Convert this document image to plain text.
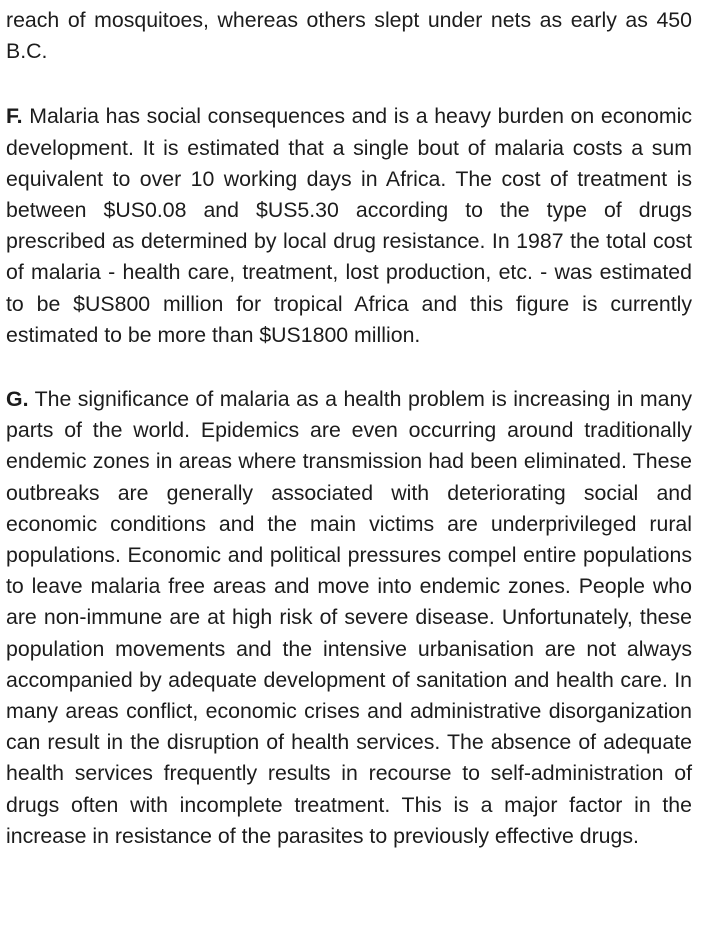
reach of mosquitoes, whereas others slept under nets as early as 450 B.C.

F. Malaria has social consequences and is a heavy burden on economic development. It is estimated that a single bout of malaria costs a sum equivalent to over 10 working days in Africa. The cost of treatment is between $US0.08 and $US5.30 according to the type of drugs prescribed as determined by local drug resistance. In 1987 the total cost of malaria - health care, treatment, lost production, etc. - was estimated to be $US800 million for tropical Africa and this figure is currently estimated to be more than $US1800 million.

G. The significance of malaria as a health problem is increasing in many parts of the world. Epidemics are even occurring around traditionally endemic zones in areas where transmission had been eliminated. These outbreaks are generally associated with deteriorating social and economic conditions and the main victims are underprivileged rural populations. Economic and political pressures compel entire populations to leave malaria free areas and move into endemic zones. People who are non-immune are at high risk of severe disease. Unfortunately, these population movements and the intensive urbanisation are not always accompanied by adequate development of sanitation and health care. In many areas conflict, economic crises and administrative disorganization can result in the disruption of health services. The absence of adequate health services frequently results in recourse to self-administration of drugs often with incomplete treatment. This is a major factor in the increase in resistance of the parasites to previously effective drugs.
